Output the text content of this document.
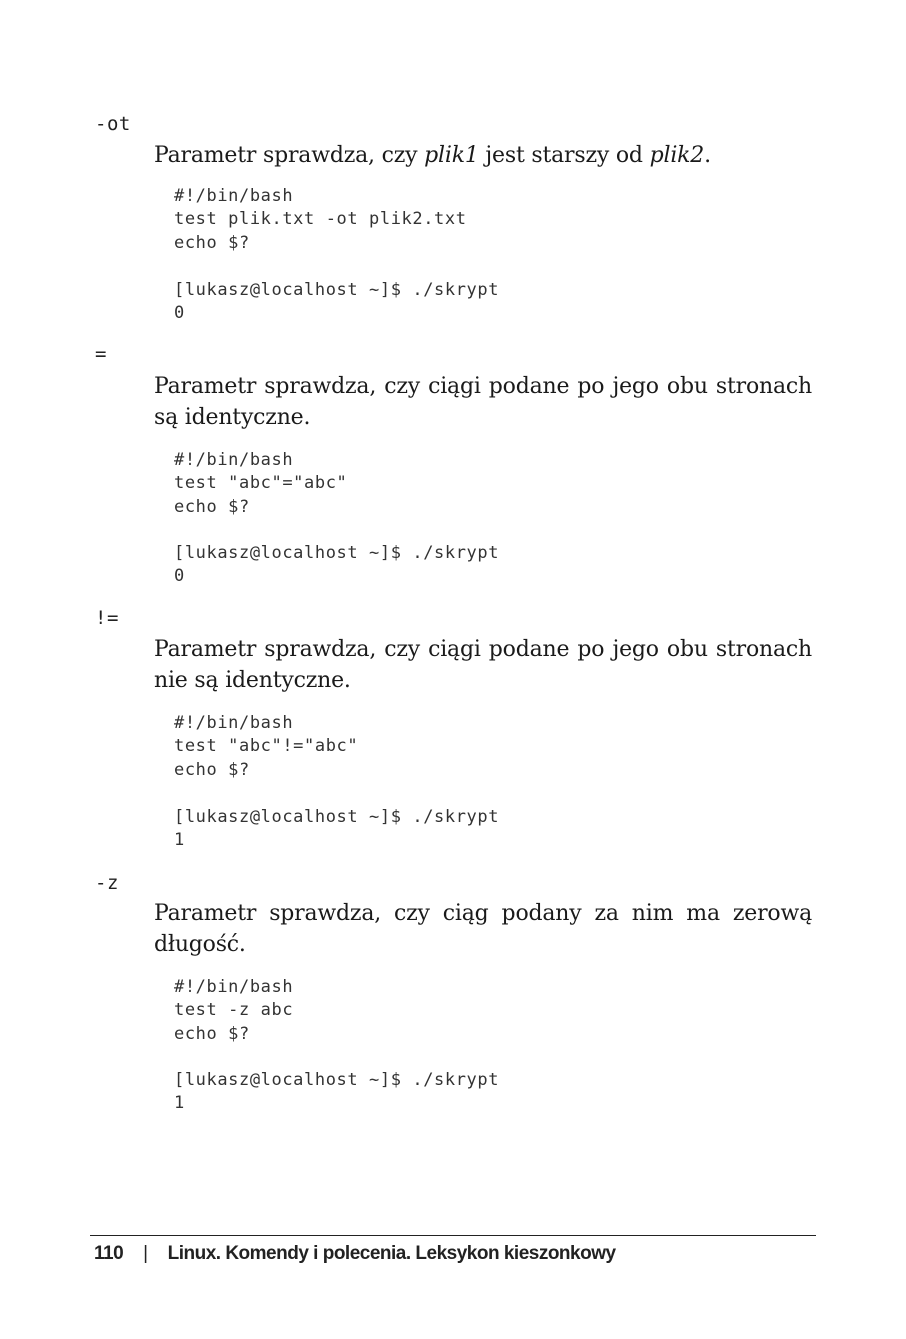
-ot
Parametr sprawdza, czy plik1 jest starszy od plik2.
#!/bin/bash
test plik.txt -ot plik2.txt
echo $?
[lukasz@localhost ~]$ ./skrypt
0
=
Parametr sprawdza, czy ciągi podane po jego obu stronach są identyczne.
#!/bin/bash
test "abc"="abc"
echo $?
[lukasz@localhost ~]$ ./skrypt
0
!=
Parametr sprawdza, czy ciągi podane po jego obu stronach nie są identyczne.
#!/bin/bash
test "abc"!="abc"
echo $?
[lukasz@localhost ~]$ ./skrypt
1
-z
Parametr sprawdza, czy ciąg podany za nim ma zerową długość.
#!/bin/bash
test -z abc
echo $?
[lukasz@localhost ~]$ ./skrypt
1
110 | Linux. Komendy i polecenia. Leksykon kieszonkowy
